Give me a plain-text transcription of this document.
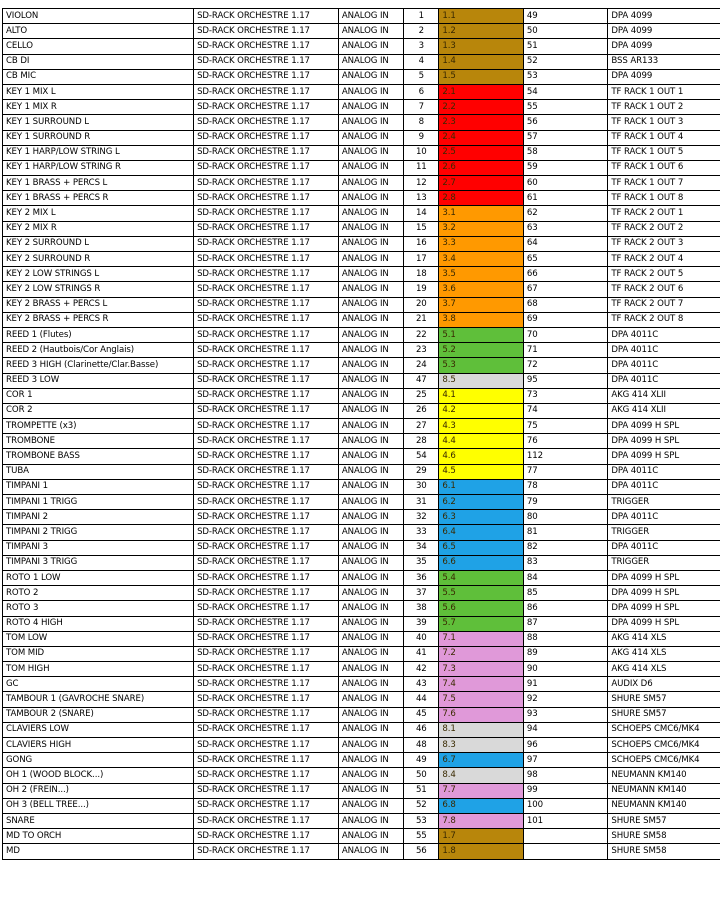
VIOLON	SD-RACK ORCHESTRE 1.17	ANALOG IN	1	1.1	49	DPA 4099
ALTO	SD-RACK ORCHESTRE 1.17	ANALOG IN	2	1.2	50	DPA 4099
CELLO	SD-RACK ORCHESTRE 1.17	ANALOG IN	3	1.3	51	DPA 4099
CB DI	SD-RACK ORCHESTRE 1.17	ANALOG IN	4	1.4	52	BSS AR133
CB MIC	SD-RACK ORCHESTRE 1.17	ANALOG IN	5	1.5	53	DPA 4099
KEY 1 MIX L	SD-RACK ORCHESTRE 1.17	ANALOG IN	6	2.1	54	TF RACK 1 OUT 1
KEY 1 MIX R	SD-RACK ORCHESTRE 1.17	ANALOG IN	7	2.2	55	TF RACK 1 OUT 2
KEY 1 SURROUND L	SD-RACK ORCHESTRE 1.17	ANALOG IN	8	2.3	56	TF RACK 1 OUT 3
KEY 1 SURROUND R	SD-RACK ORCHESTRE 1.17	ANALOG IN	9	2.4	57	TF RACK 1 OUT 4
KEY 1 HARP/LOW STRING L	SD-RACK ORCHESTRE 1.17	ANALOG IN	10	2.5	58	TF RACK 1 OUT 5
KEY 1 HARP/LOW STRING R	SD-RACK ORCHESTRE 1.17	ANALOG IN	11	2.6	59	TF RACK 1 OUT 6
KEY 1 BRASS + PERCS L	SD-RACK ORCHESTRE 1.17	ANALOG IN	12	2.7	60	TF RACK 1 OUT 7
KEY 1 BRASS + PERCS R	SD-RACK ORCHESTRE 1.17	ANALOG IN	13	2.8	61	TF RACK 1 OUT 8
KEY 2 MIX L	SD-RACK ORCHESTRE 1.17	ANALOG IN	14	3.1	62	TF RACK 2 OUT 1
KEY 2 MIX R	SD-RACK ORCHESTRE 1.17	ANALOG IN	15	3.2	63	TF RACK 2 OUT 2
KEY 2 SURROUND L	SD-RACK ORCHESTRE 1.17	ANALOG IN	16	3.3	64	TF RACK 2 OUT 3
KEY 2 SURROUND R	SD-RACK ORCHESTRE 1.17	ANALOG IN	17	3.4	65	TF RACK 2 OUT 4
KEY 2 LOW STRINGS L	SD-RACK ORCHESTRE 1.17	ANALOG IN	18	3.5	66	TF RACK 2 OUT 5
KEY 2 LOW STRINGS R	SD-RACK ORCHESTRE 1.17	ANALOG IN	19	3.6	67	TF RACK 2 OUT 6
KEY 2 BRASS + PERCS L	SD-RACK ORCHESTRE 1.17	ANALOG IN	20	3.7	68	TF RACK 2 OUT 7
KEY 2 BRASS + PERCS R	SD-RACK ORCHESTRE 1.17	ANALOG IN	21	3.8	69	TF RACK 2 OUT 8
REED 1 (Flutes)	SD-RACK ORCHESTRE 1.17	ANALOG IN	22	5.1	70	DPA 4011C
REED 2 (Hautbois/Cor Anglais)	SD-RACK ORCHESTRE 1.17	ANALOG IN	23	5.2	71	DPA 4011C
REED 3 HIGH (Clarinette/Clar.Basse)	SD-RACK ORCHESTRE 1.17	ANALOG IN	24	5.3	72	DPA 4011C
REED 3 LOW	SD-RACK ORCHESTRE 1.17	ANALOG IN	47	8.5	95	DPA 4011C
COR 1	SD-RACK ORCHESTRE 1.17	ANALOG IN	25	4.1	73	AKG 414 XLII
COR 2	SD-RACK ORCHESTRE 1.17	ANALOG IN	26	4.2	74	AKG 414 XLII
TROMPETTE (x3)	SD-RACK ORCHESTRE 1.17	ANALOG IN	27	4.3	75	DPA 4099 H SPL
TROMBONE	SD-RACK ORCHESTRE 1.17	ANALOG IN	28	4.4	76	DPA 4099 H SPL
TROMBONE BASS	SD-RACK ORCHESTRE 1.17	ANALOG IN	54	4.6	112	DPA 4099 H SPL
TUBA	SD-RACK ORCHESTRE 1.17	ANALOG IN	29	4.5	77	DPA 4011C
TIMPANI 1	SD-RACK ORCHESTRE 1.17	ANALOG IN	30	6.1	78	DPA 4011C
TIMPANI 1 TRIGG	SD-RACK ORCHESTRE 1.17	ANALOG IN	31	6.2	79	TRIGGER
TIMPANI 2	SD-RACK ORCHESTRE 1.17	ANALOG IN	32	6.3	80	DPA 4011C
TIMPANI 2 TRIGG	SD-RACK ORCHESTRE 1.17	ANALOG IN	33	6.4	81	TRIGGER
TIMPANI 3	SD-RACK ORCHESTRE 1.17	ANALOG IN	34	6.5	82	DPA 4011C
TIMPANI 3 TRIGG	SD-RACK ORCHESTRE 1.17	ANALOG IN	35	6.6	83	TRIGGER
ROTO 1 LOW	SD-RACK ORCHESTRE 1.17	ANALOG IN	36	5.4	84	DPA 4099 H SPL
ROTO 2	SD-RACK ORCHESTRE 1.17	ANALOG IN	37	5.5	85	DPA 4099 H SPL
ROTO 3	SD-RACK ORCHESTRE 1.17	ANALOG IN	38	5.6	86	DPA 4099 H SPL
ROTO 4 HIGH	SD-RACK ORCHESTRE 1.17	ANALOG IN	39	5.7	87	DPA 4099 H SPL
TOM LOW	SD-RACK ORCHESTRE 1.17	ANALOG IN	40	7.1	88	AKG 414 XLS
TOM MID	SD-RACK ORCHESTRE 1.17	ANALOG IN	41	7.2	89	AKG 414 XLS
TOM HIGH	SD-RACK ORCHESTRE 1.17	ANALOG IN	42	7.3	90	AKG 414 XLS
GC	SD-RACK ORCHESTRE 1.17	ANALOG IN	43	7.4	91	AUDIX D6
TAMBOUR 1 (GAVROCHE SNARE)	SD-RACK ORCHESTRE 1.17	ANALOG IN	44	7.5	92	SHURE SM57
TAMBOUR 2 (SNARE)	SD-RACK ORCHESTRE 1.17	ANALOG IN	45	7.6	93	SHURE SM57
CLAVIERS LOW	SD-RACK ORCHESTRE 1.17	ANALOG IN	46	8.1	94	SCHOEPS CMC6/MK4
CLAVIERS HIGH	SD-RACK ORCHESTRE 1.17	ANALOG IN	48	8.3	96	SCHOEPS CMC6/MK4
GONG	SD-RACK ORCHESTRE 1.17	ANALOG IN	49	6.7	97	SCHOEPS CMC6/MK4
OH 1 (WOOD BLOCK...)	SD-RACK ORCHESTRE 1.17	ANALOG IN	50	8.4	98	NEUMANN KM140
OH 2 (FREIN...)	SD-RACK ORCHESTRE 1.17	ANALOG IN	51	7.7	99	NEUMANN KM140
OH 3 (BELL TREE...)	SD-RACK ORCHESTRE 1.17	ANALOG IN	52	6.8	100	NEUMANN KM140
SNARE	SD-RACK ORCHESTRE 1.17	ANALOG IN	53	7.8	101	SHURE SM57
MD TO ORCH	SD-RACK ORCHESTRE 1.17	ANALOG IN	55	1.7		SHURE SM58
MD	SD-RACK ORCHESTRE 1.17	ANALOG IN	56	1.8		SHURE SM58
